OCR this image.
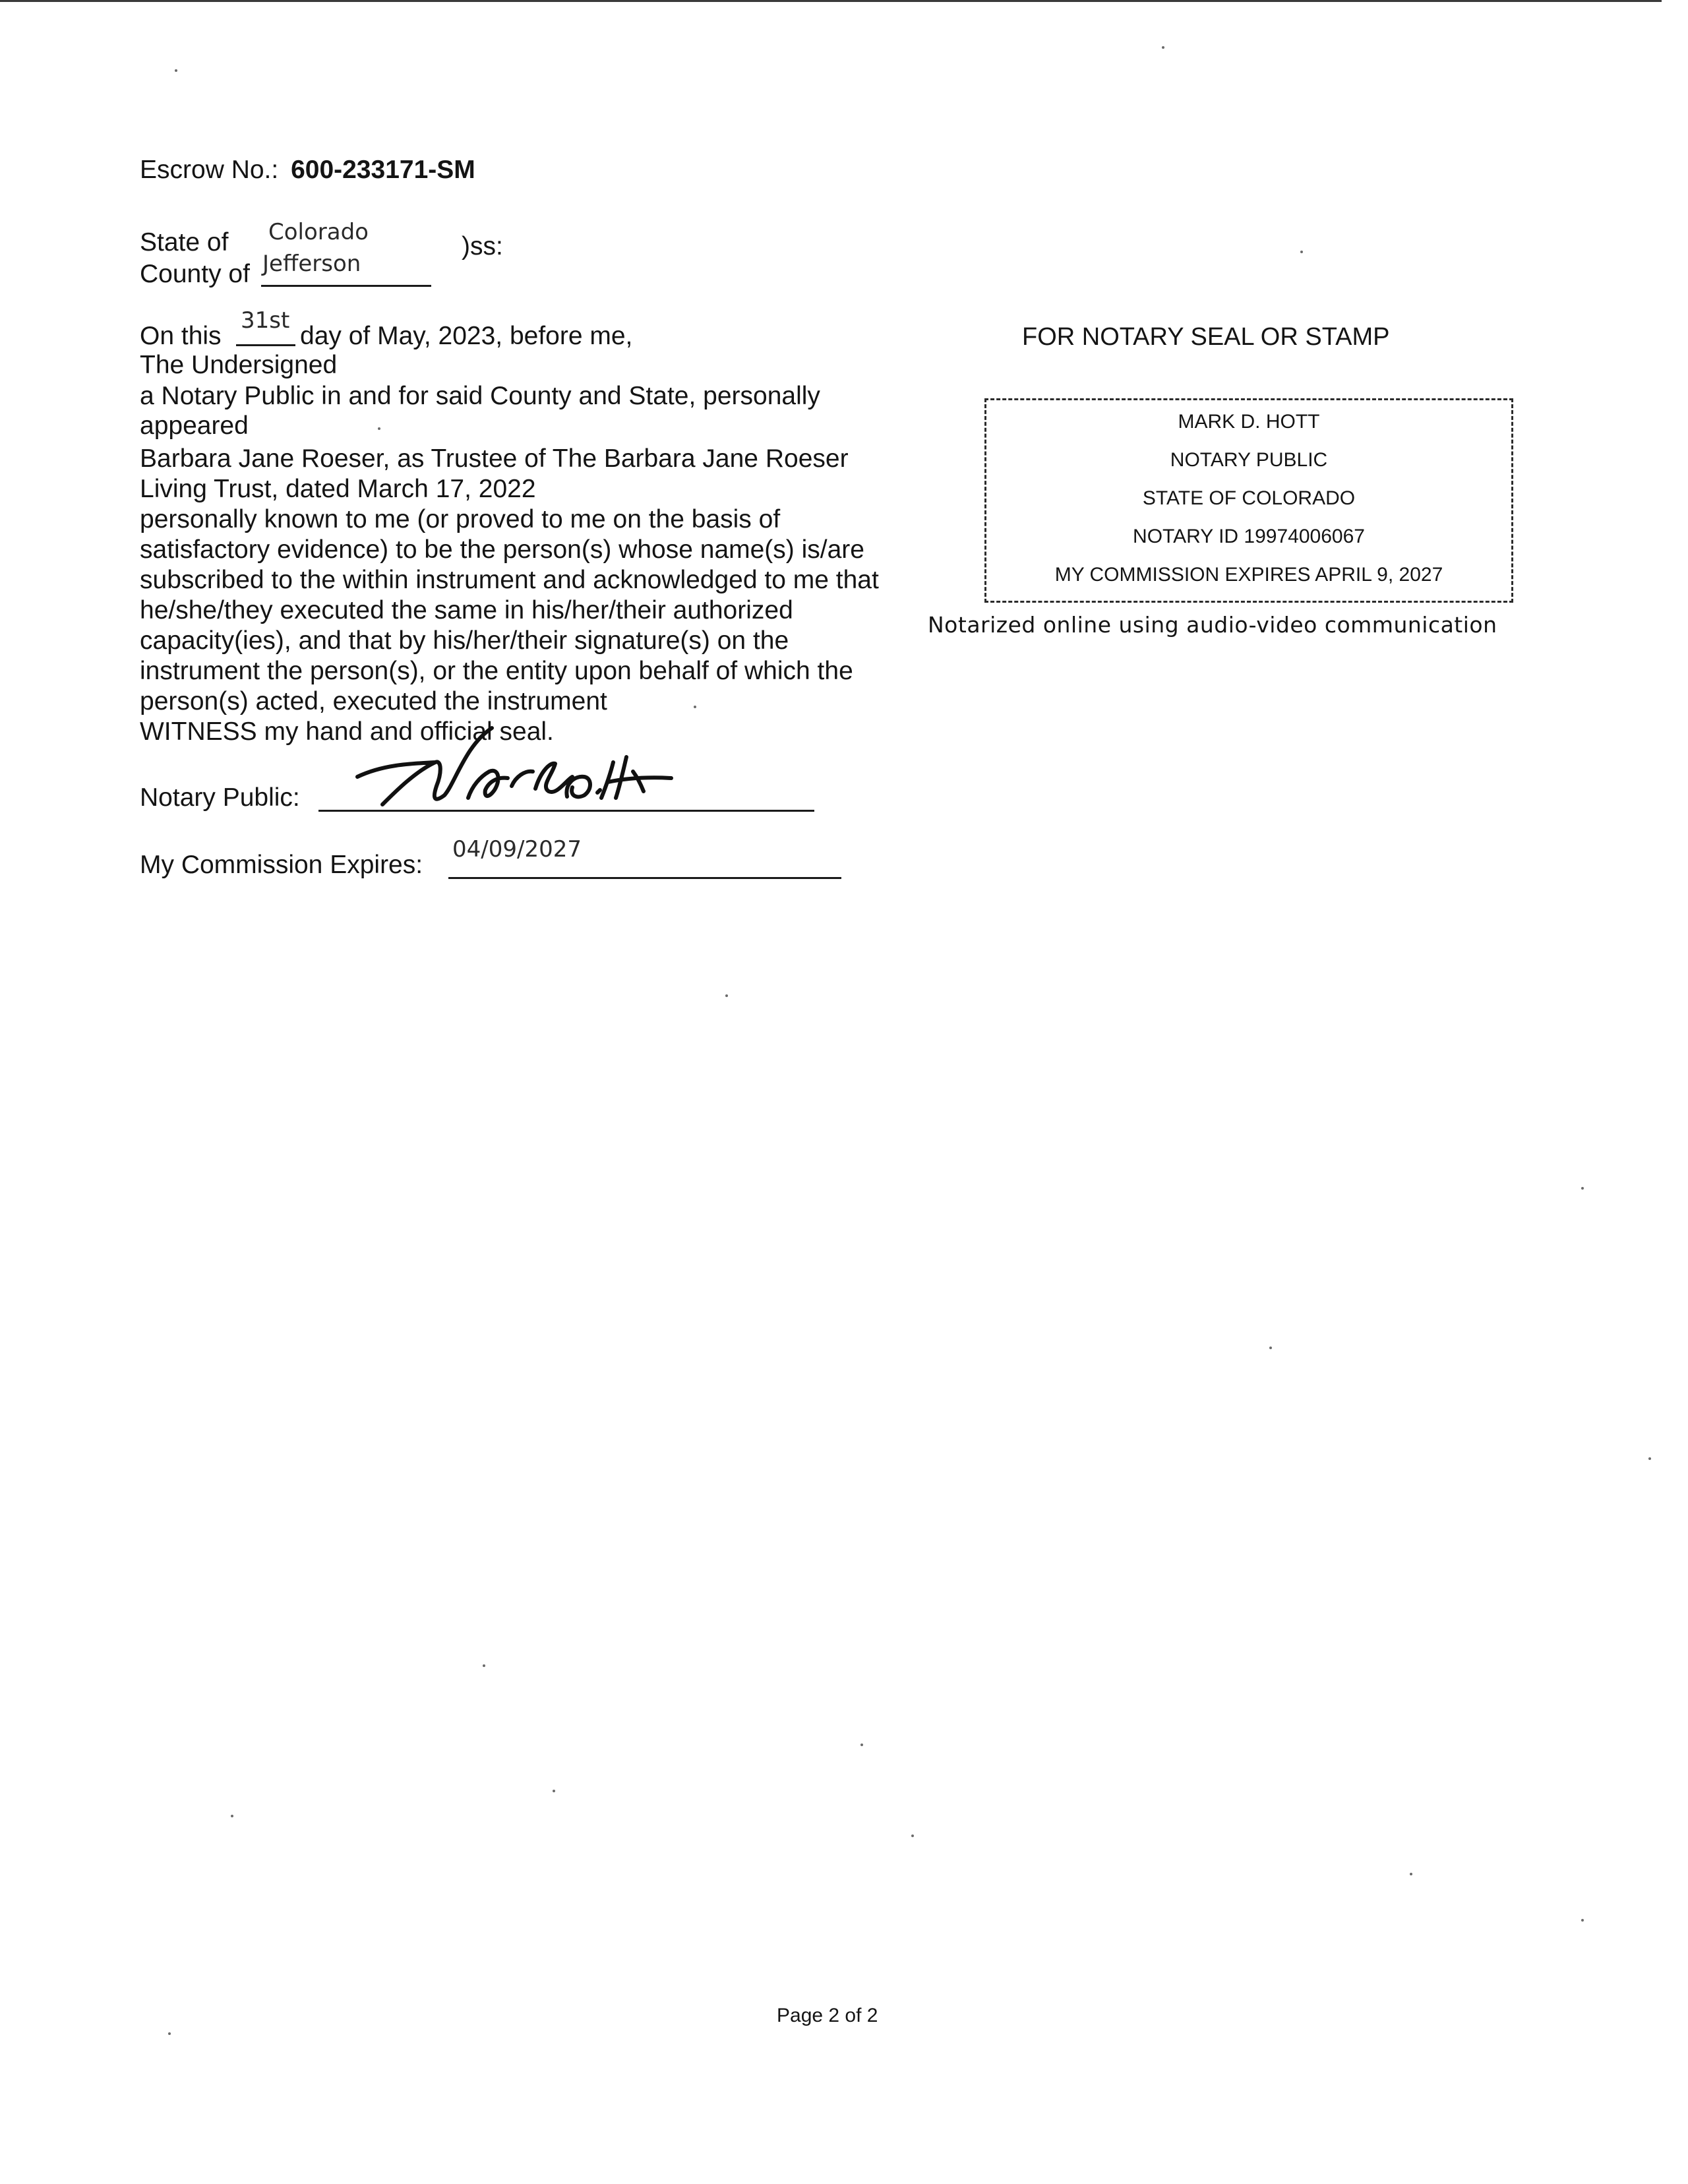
Escrow No.: 600-233171-SM
State of Colorado	)ss:
County of Jefferson
On this
31st
day of May, 2023, before me,
The Undersigned
a Notary Public in and for said County and State, personally
appeared
Barbara Jane Roeser, as Trustee of The Barbara Jane Roeser
Living Trust, dated March 17, 2022
personally known to me (or proved to me on the basis of
satisfactory evidence) to be the person(s) whose name(s) is/are
subscribed to the within instrument and acknowledged to me that
he/she/they executed the same in his/her/their authorized
capacity(ies), and that by his/her/their signature(s) on the
instrument the person(s), or the entity upon behalf of which the
person(s) acted, executed the instrument
WITNESS my hand and official seal.
Notary Public:
My Commission Expires:
04/09/2027
FOR NOTARY SEAL OR STAMP
MARK D. HOTT
NOTARY PUBLIC
STATE OF COLORADO
NOTARY ID 19974006067
MY COMMISSION EXPIRES APRIL 9, 2027
Notarized online using audio-video communication
Page 2 of 2
